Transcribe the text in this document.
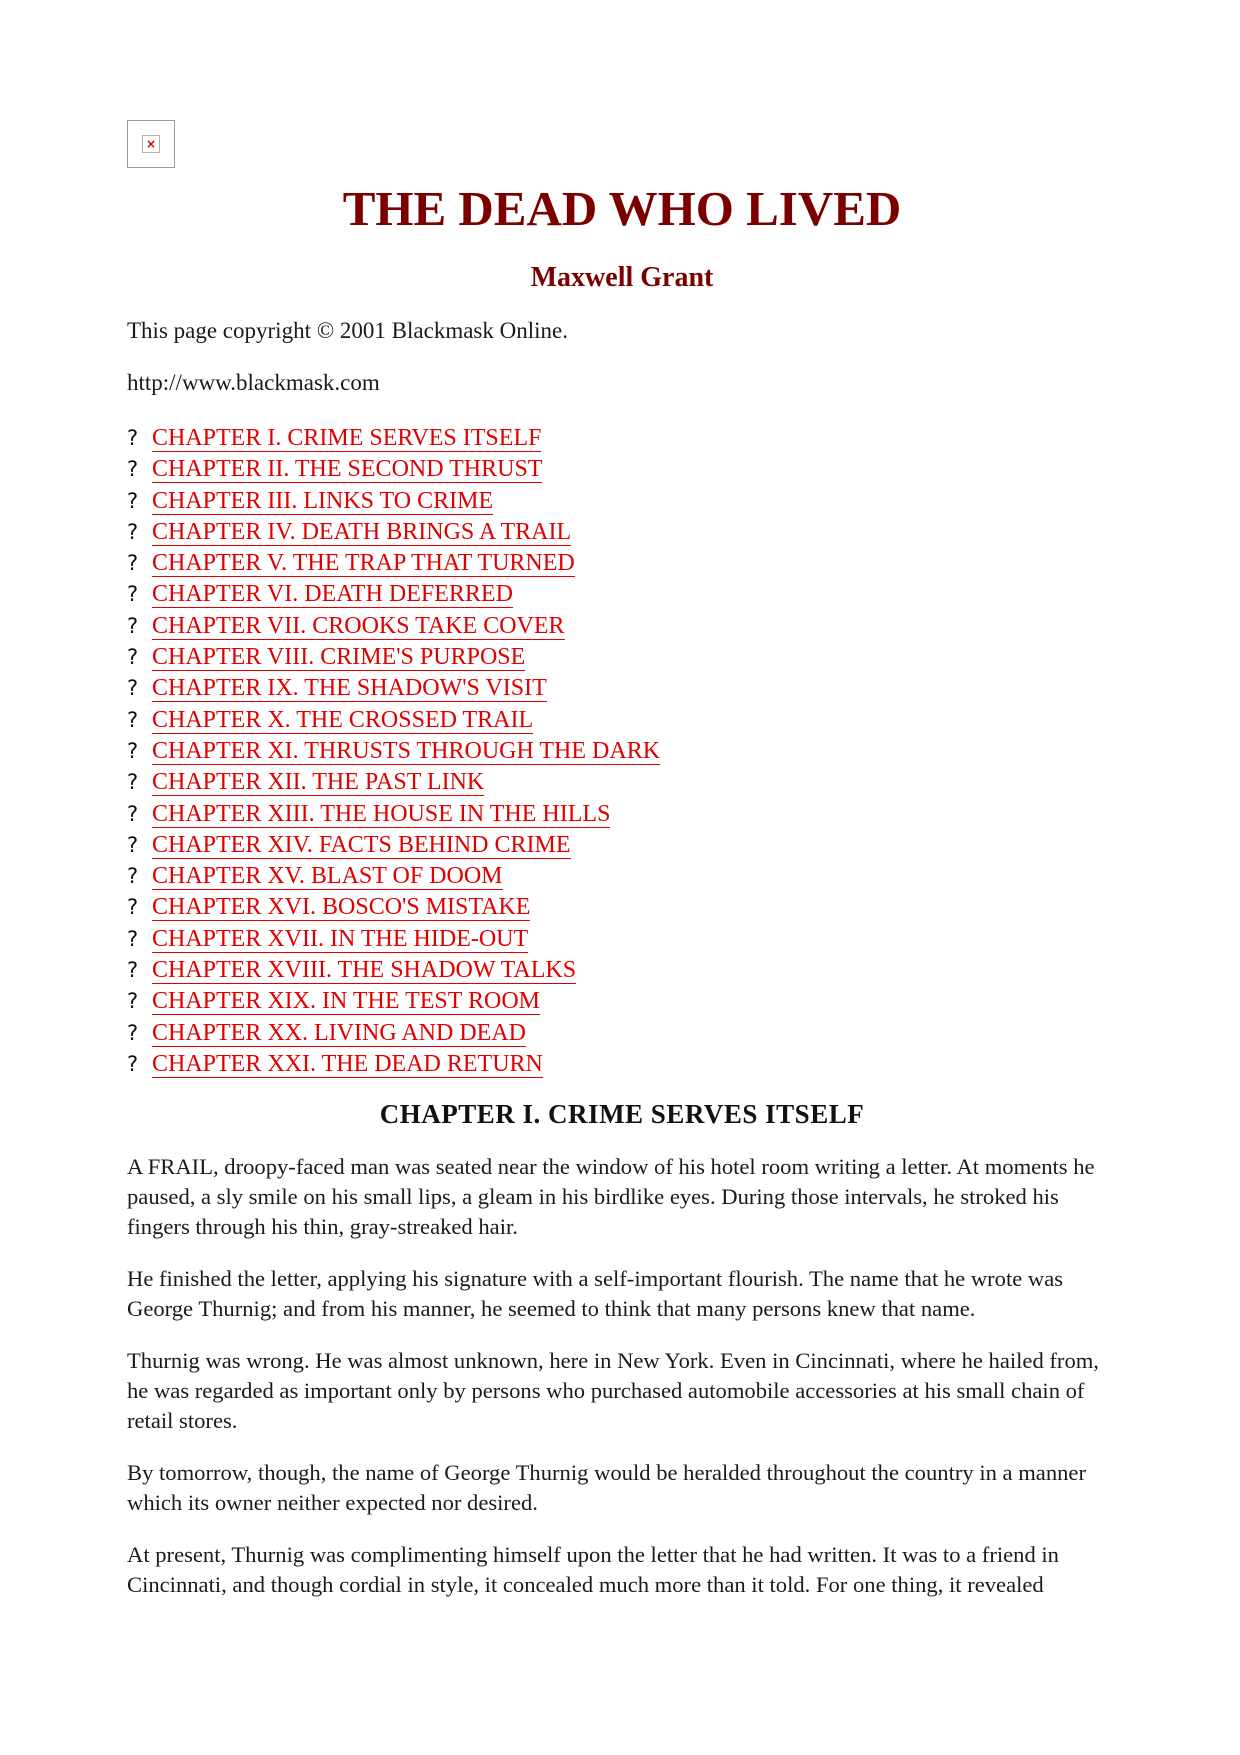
×
THE DEAD WHO LIVED
Maxwell Grant

This page copyright © 2001 Blackmask Online.

http://www.blackmask.com

? CHAPTER I. CRIME SERVES ITSELF
? CHAPTER II. THE SECOND THRUST
? CHAPTER III. LINKS TO CRIME
? CHAPTER IV. DEATH BRINGS A TRAIL
? CHAPTER V. THE TRAP THAT TURNED
? CHAPTER VI. DEATH DEFERRED
? CHAPTER VII. CROOKS TAKE COVER
? CHAPTER VIII. CRIME'S PURPOSE
? CHAPTER IX. THE SHADOW'S VISIT
? CHAPTER X. THE CROSSED TRAIL
? CHAPTER XI. THRUSTS THROUGH THE DARK
? CHAPTER XII. THE PAST LINK
? CHAPTER XIII. THE HOUSE IN THE HILLS
? CHAPTER XIV. FACTS BEHIND CRIME
? CHAPTER XV. BLAST OF DOOM
? CHAPTER XVI. BOSCO'S MISTAKE
? CHAPTER XVII. IN THE HIDE-OUT
? CHAPTER XVIII. THE SHADOW TALKS
? CHAPTER XIX. IN THE TEST ROOM
? CHAPTER XX. LIVING AND DEAD
? CHAPTER XXI. THE DEAD RETURN
CHAPTER I. CRIME SERVES ITSELF

A FRAIL, droopy-faced man was seated near the window of his hotel room writing a letter. At moments he paused, a sly smile on his small lips, a gleam in his birdlike eyes. During those intervals, he stroked his fingers through his thin, gray-streaked hair.

He finished the letter, applying his signature with a self-important flourish. The name that he wrote was George Thurnig; and from his manner, he seemed to think that many persons knew that name.

Thurnig was wrong. He was almost unknown, here in New York. Even in Cincinnati, where he hailed from, he was regarded as important only by persons who purchased automobile accessories at his small chain of retail stores.

By tomorrow, though, the name of George Thurnig would be heralded throughout the country in a manner which its owner neither expected nor desired.

At present, Thurnig was complimenting himself upon the letter that he had written. It was to a friend in Cincinnati, and though cordial in style, it concealed much more than it told. For one thing, it revealed
